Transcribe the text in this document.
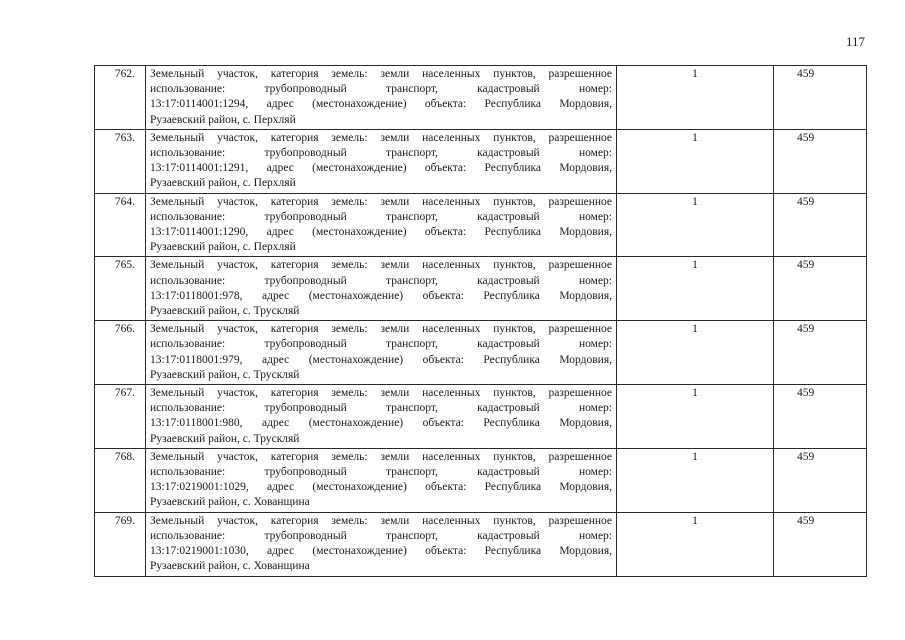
117
762.	Земельный участок, категория земель: земли населенных пунктов, разрешенное
использование: трубопроводный транспорт, кадастровый номер:
13:17:0114001:1294, адрес (местонахождение) объекта: Республика Мордовия,
Рузаевский район, с. Перхляй	1	459
763.	Земельный участок, категория земель: земли населенных пунктов, разрешенное
использование: трубопроводный транспорт, кадастровый номер:
13:17:0114001:1291, адрес (местонахождение) объекта: Республика Мордовия,
Рузаевский район, с. Перхляй	1	459
764.	Земельный участок, категория земель: земли населенных пунктов, разрешенное
использование: трубопроводный транспорт, кадастровый номер:
13:17:0114001:1290, адрес (местонахождение) объекта: Республика Мордовия,
Рузаевский район, с. Перхляй	1	459
765.	Земельный участок, категория земель: земли населенных пунктов, разрешенное
использование: трубопроводный транспорт, кадастровый номер:
13:17:0118001:978, адрес (местонахождение) объекта: Республика Мордовия,
Рузаевский район, с. Трускляй	1	459
766.	Земельный участок, категория земель: земли населенных пунктов, разрешенное
использование: трубопроводный транспорт, кадастровый номер:
13:17:0118001:979, адрес (местонахождение) объекта: Республика Мордовия,
Рузаевский район, с. Трускляй	1	459
767.	Земельный участок, категория земель: земли населенных пунктов, разрешенное
использование: трубопроводный транспорт, кадастровый номер:
13:17:0118001:980, адрес (местонахождение) объекта: Республика Мордовия,
Рузаевский район, с. Трускляй	1	459
768.	Земельный участок, категория земель: земли населенных пунктов, разрешенное
использование: трубопроводный транспорт, кадастровый номер:
13:17:0219001:1029, адрес (местонахождение) объекта: Республика Мордовия,
Рузаевский район, с. Хованщина	1	459
769.	Земельный участок, категория земель: земли населенных пунктов, разрешенное
использование: трубопроводный транспорт, кадастровый номер:
13:17:0219001:1030, адрес (местонахождение) объекта: Республика Мордовия,
Рузаевский район, с. Хованщина	1	459
